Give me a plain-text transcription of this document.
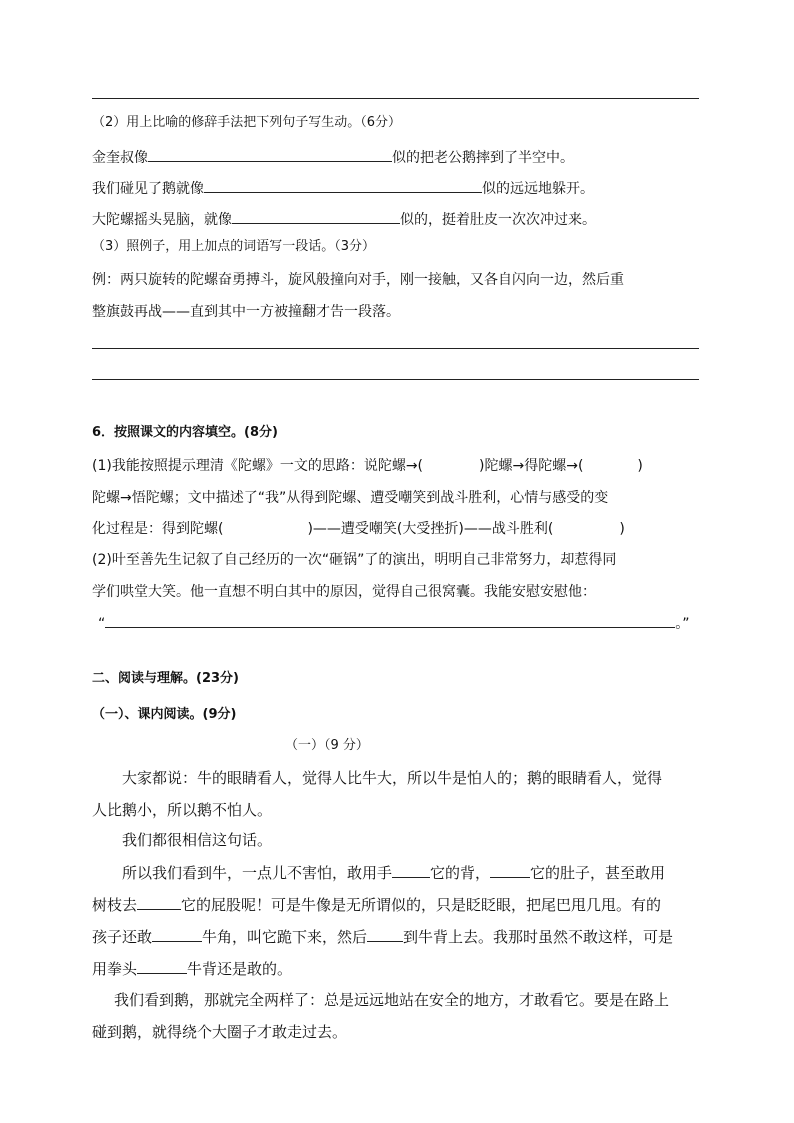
（2）用上比喻的修辞手法把下列句子写生动。（6分）
金奎叔像	似的把老公鹅摔到了半空中。
我们碰见了鹅就像	似的远远地躲开。
大陀螺摇头晃脑，就像	似的，挺着肚皮一次次冲过来。
（3）照例子，用上加点的词语写一段话。（3分）
例：两只旋转的陀螺奋勇搏斗，旋风般撞向对手，刚一接触，又各自闪向一边，然后重
整旗鼓再战——直到其中一方被撞翻才告一段落。
6．按照课文的内容填空。(8分)
(1)我能按照提示理清《陀螺》一文的思路：说陀螺→(	)陀螺→得陀螺→(	)
陀螺→悟陀螺；文中描述了“我”从得到陀螺、遭受嘲笑到战斗胜利，心情与感受的变
化过程是：得到陀螺(	)——遭受嘲笑(大受挫折)——战斗胜利(	)
(2)叶至善先生记叙了自己经历的一次“砸锅”了的演出，明明自己非常努力，却惹得同
学们哄堂大笑。他一直想不明白其中的原因，觉得自己很窝囊。我能安慰安慰他：
“	。”
二、阅读与理解。(23分)
（一）、课内阅读。(9分)
（一）（9 分）
大家都说：牛的眼睛看人，觉得人比牛大，所以牛是怕人的；鹅的眼睛看人，觉得
人比鹅小，所以鹅不怕人。
我们都很相信这句话。
所以我们看到牛，一点儿不害怕，敢用手	它的背，	它的肚子，甚至敢用
树枝去	它的屁股呢！可是牛像是无所谓似的，只是眨眨眼，把尾巴甩几甩。有的
孩子还敢	牛角，叫它跪下来，然后 到牛背上去。我那时虽然不敢这样，可是
用拳头	牛背还是敢的。
我们看到鹅，那就完全两样了：总是远远地站在安全的地方，才敢看它。要是在路上
碰到鹅，就得绕个大圈子才敢走过去。
